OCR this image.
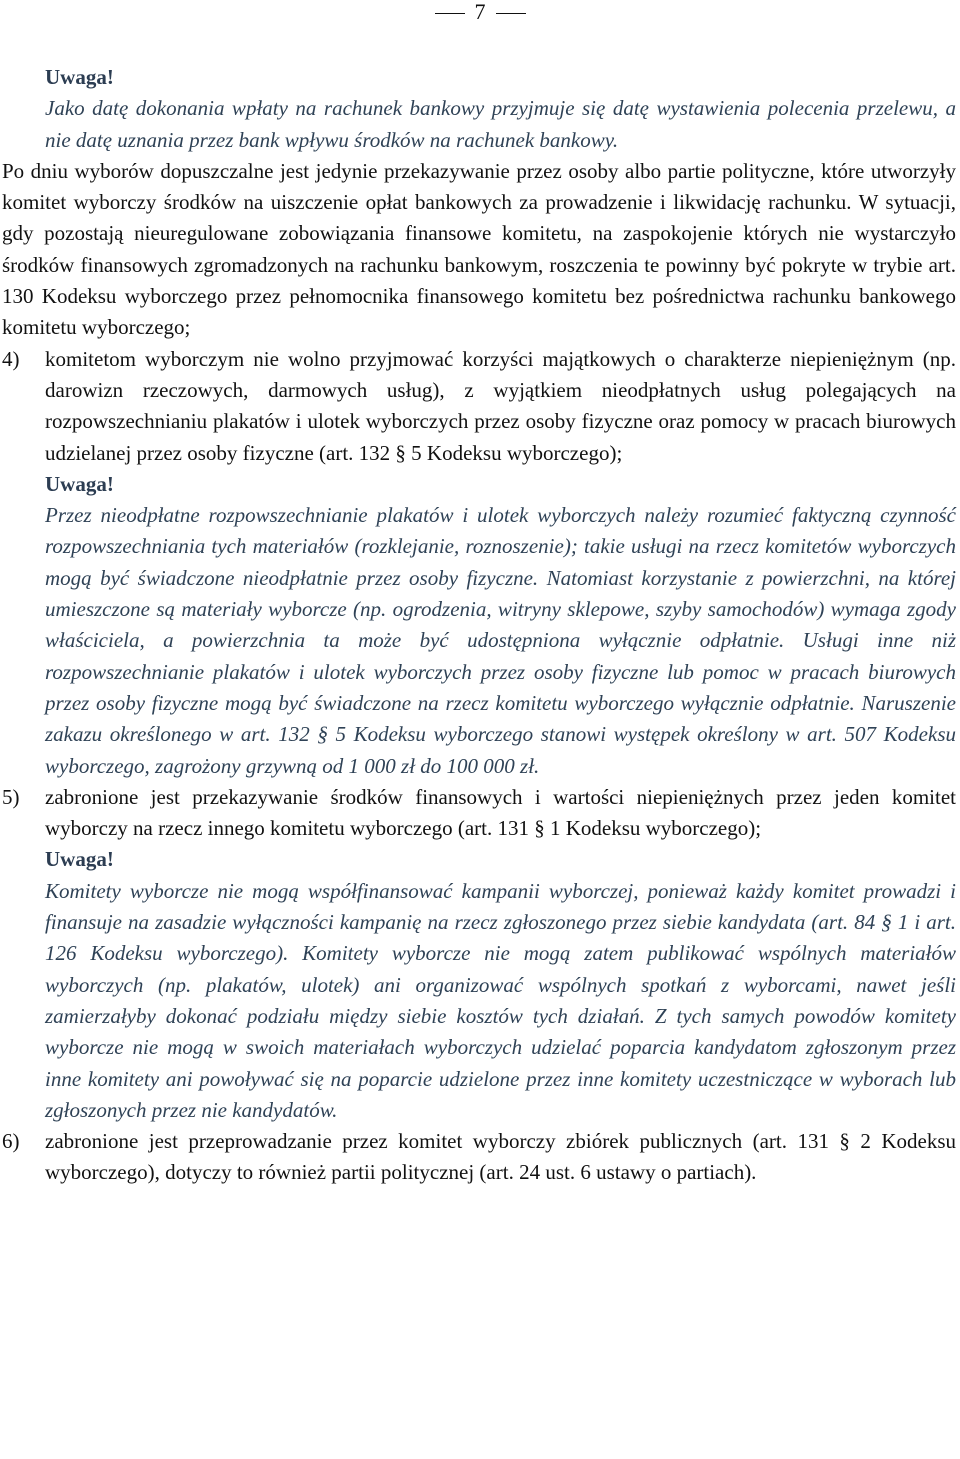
7

Uwaga!

Jako datę dokonania wpłaty na rachunek bankowy przyjmuje się datę wystawienia polecenia przelewu, a nie datę uznania przez bank wpływu środków na rachunek bankowy.

Po dniu wyborów dopuszczalne jest jedynie przekazywanie przez osoby albo partie polityczne, które utworzyły komitet wyborczy środków na uiszczenie opłat bankowych za prowadzenie i likwidację rachunku. W sytuacji, gdy pozostają nieuregulowane zobowiązania finansowe komitetu, na zaspokojenie których nie wystarczyło środków finansowych zgromadzonych na rachunku bankowym, roszczenia te powinny być pokryte w trybie art. 130 Kodeksu wyborczego przez pełnomocnika finansowego komitetu bez pośrednictwa rachunku bankowego komitetu wyborczego;

4)	komitetom wyborczym nie wolno przyjmować korzyści majątkowych o charakterze niepieniężnym (np. darowizn rzeczowych, darmowych usług), z wyjątkiem nieodpłatnych usług polegających na rozpowszechnianiu plakatów i ulotek wyborczych przez osoby fizyczne oraz pomocy w pracach biurowych udzielanej przez osoby fizyczne (art. 132 § 5 Kodeksu wyborczego);

Uwaga!

Przez nieodpłatne rozpowszechnianie plakatów i ulotek wyborczych należy rozumieć faktyczną czynność rozpowszechniania tych materiałów (rozklejanie, roznoszenie); takie usługi na rzecz komitetów wyborczych mogą być świadczone nieodpłatnie przez osoby fizyczne. Natomiast korzystanie z powierzchni, na której umieszczone są materiały wyborcze (np. ogrodzenia, witryny sklepowe, szyby samochodów) wymaga zgody właściciela, a powierzchnia ta może być udostępniona wyłącznie odpłatnie. Usługi inne niż rozpowszechnianie plakatów i ulotek wyborczych przez osoby fizyczne lub pomoc w pracach biurowych przez osoby fizyczne mogą być świadczone na rzecz komitetu wyborczego wyłącznie odpłatnie. Naruszenie zakazu określonego w art. 132 § 5 Kodeksu wyborczego stanowi występek określony w art. 507 Kodeksu wyborczego, zagrożony grzywną od 1 000 zł do 100 000 zł.

5)	zabronione jest przekazywanie środków finansowych i wartości niepieniężnych przez jeden komitet wyborczy na rzecz innego komitetu wyborczego (art. 131 § 1 Kodeksu wyborczego);

Uwaga!

Komitety wyborcze nie mogą współfinansować kampanii wyborczej, ponieważ każdy komitet prowadzi i finansuje na zasadzie wyłączności kampanię na rzecz zgłoszonego przez siebie kandydata (art. 84 § 1 i art. 126 Kodeksu wyborczego). Komitety wyborcze nie mogą zatem publikować wspólnych materiałów wyborczych (np. plakatów, ulotek) ani organizować wspólnych spotkań z wyborcami, nawet jeśli zamierzałyby dokonać podziału między siebie kosztów tych działań. Z tych samych powodów komitety wyborcze nie mogą w swoich materiałach wyborczych udzielać poparcia kandydatom zgłoszonym przez inne komitety ani powoływać się na poparcie udzielone przez inne komitety uczestniczące w wyborach lub zgłoszonych przez nie kandydatów.

6)	zabronione jest przeprowadzanie przez komitet wyborczy zbiórek publicznych (art. 131 § 2 Kodeksu wyborczego), dotyczy to również partii politycznej (art. 24 ust. 6 ustawy o partiach).
